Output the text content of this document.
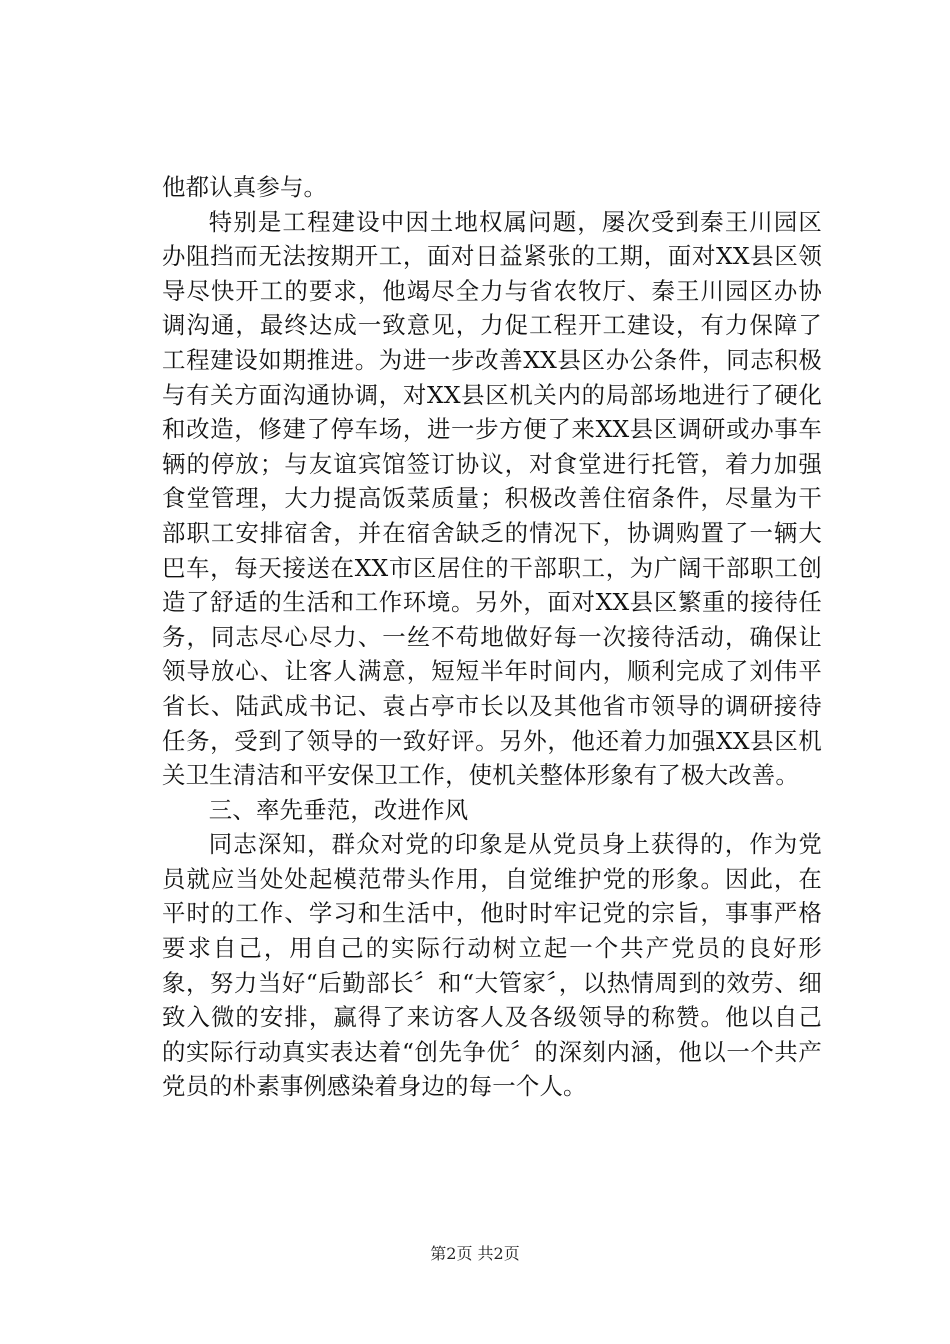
他都认真参与。

特别是工程建设中因土地权属问题，屡次受到秦王川园区办阻挡而无法按期开工，面对日益紧张的工期，面对XX县区领导尽快开工的要求，他竭尽全力与省农牧厅、秦王川园区办协调沟通，最终达成一致意见，力促工程开工建设，有力保障了工程建设如期推进。为进一步改善XX县区办公条件，同志积极与有关方面沟通协调，对XX县区机关内的局部场地进行了硬化和改造，修建了停车场，进一步方便了来XX县区调研或办事车辆的停放；与友谊宾馆签订协议，对食堂进行托管，着力加强食堂管理，大力提高饭菜质量；积极改善住宿条件，尽量为干部职工安排宿舍，并在宿舍缺乏的情况下，协调购置了一辆大巴车，每天接送在XX市区居住的干部职工，为广阔干部职工创造了舒适的生活和工作环境。另外，面对XX县区繁重的接待任务，同志尽心尽力、一丝不苟地做好每一次接待活动，确保让领导放心、让客人满意，短短半年时间内，顺利完成了刘伟平省长、陆武成书记、袁占亭市长以及其他省市领导的调研接待任务，受到了领导的一致好评。另外，他还着力加强XX县区机关卫生清洁和平安保卫工作，使机关整体形象有了极大改善。

三、率先垂范，改进作风

同志深知，群众对党的印象是从党员身上获得的，作为党员就应当处处起模范带头作用，自觉维护党的形象。因此，在平时的工作、学习和生活中，他时时牢记党的宗旨，事事严格要求自己，用自己的实际行动树立起一个共产党员的良好形象，努力当好“后勤部长〞和“大管家〞，以热情周到的效劳、细致入微的安排，赢得了来访客人及各级领导的称赞。他以自己的实际行动真实表达着“创先争优〞的深刻内涵，他以一个共产党员的朴素事例感染着身边的每一个人。

第2页 共2页
